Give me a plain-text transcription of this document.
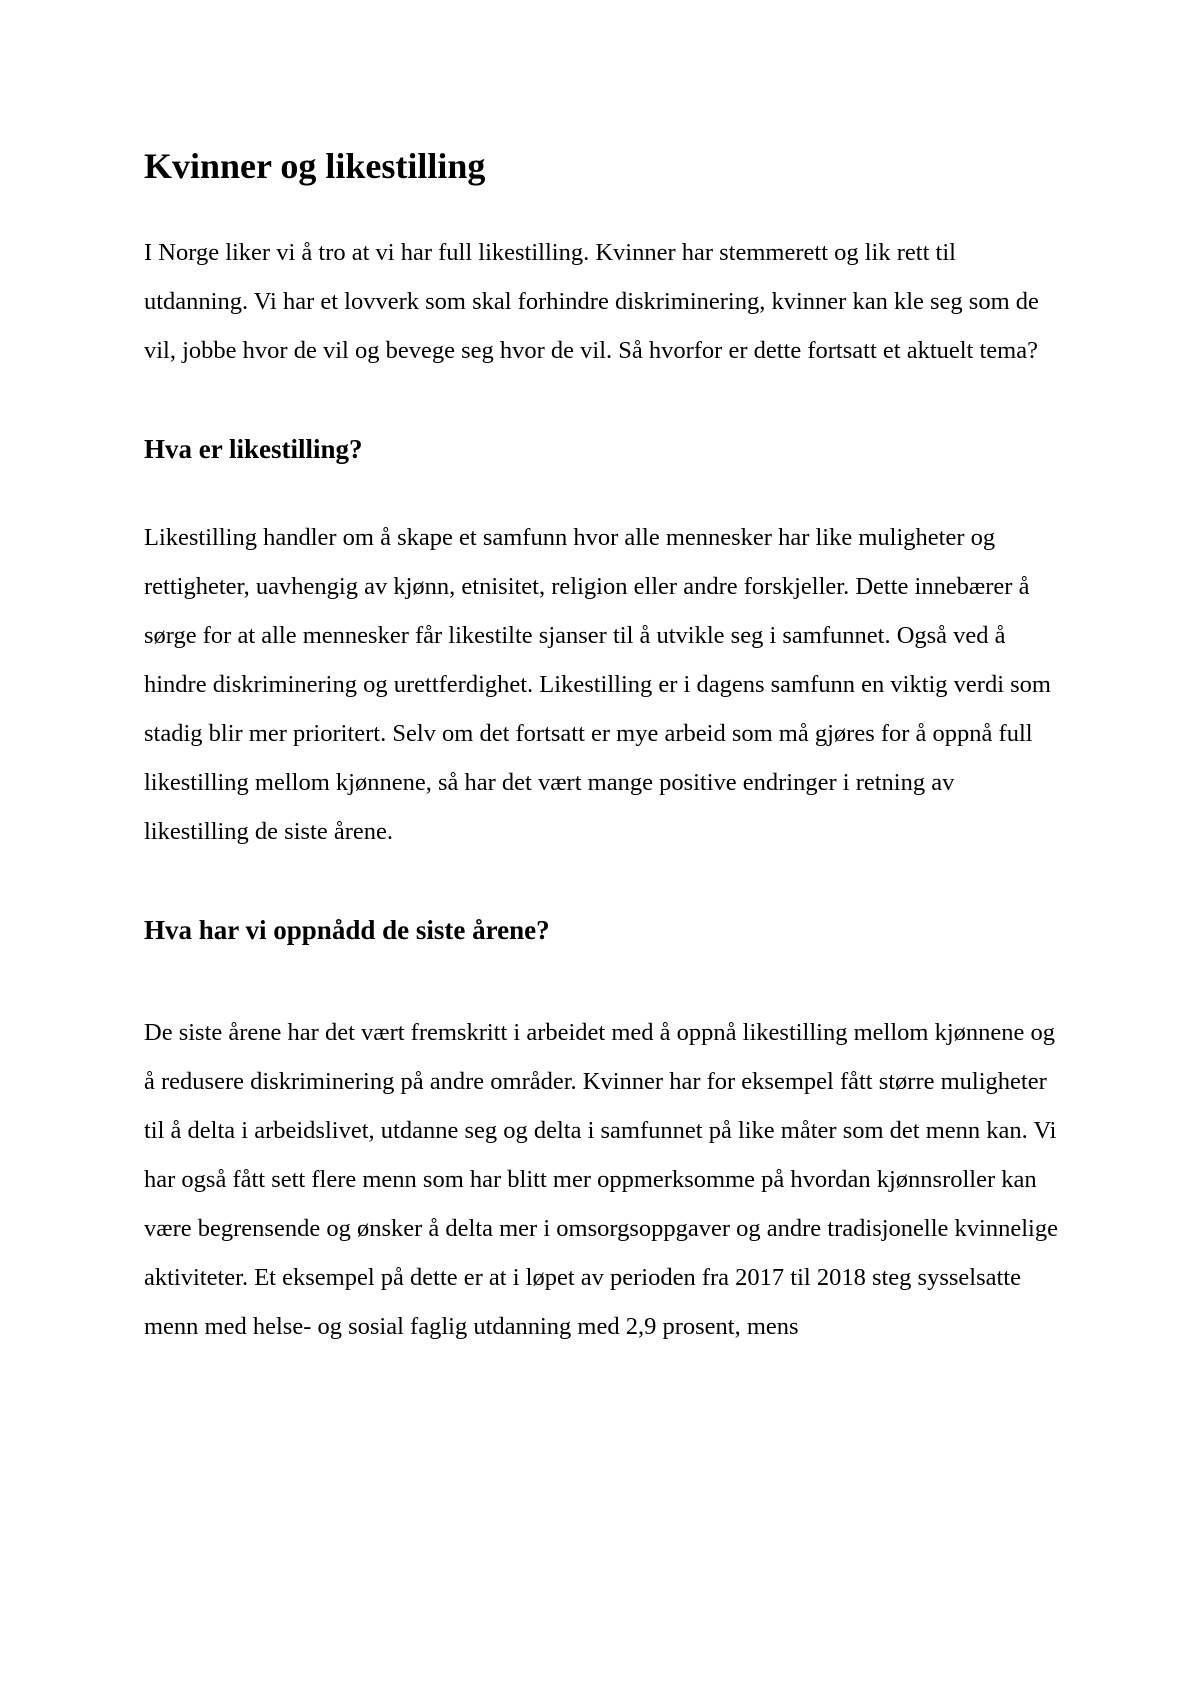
Kvinner og likestilling

I Norge liker vi å tro at vi har full likestilling. Kvinner har stemmerett og lik rett til utdanning. Vi har et lovverk som skal forhindre diskriminering, kvinner kan kle seg som de vil, jobbe hvor de vil og bevege seg hvor de vil. Så hvorfor er dette fortsatt et aktuelt tema?

Hva er likestilling?

Likestilling handler om å skape et samfunn hvor alle mennesker har like muligheter og rettigheter, uavhengig av kjønn, etnisitet, religion eller andre forskjeller. Dette innebærer å sørge for at alle mennesker får likestilte sjanser til å utvikle seg i samfunnet. Også ved å hindre diskriminering og urettferdighet. Likestilling er i dagens samfunn en viktig verdi som stadig blir mer prioritert. Selv om det fortsatt er mye arbeid som må gjøres for å oppnå full likestilling mellom kjønnene, så har det vært mange positive endringer i retning av likestilling de siste årene.

Hva har vi oppnådd de siste årene?

De siste årene har det vært fremskritt i arbeidet med å oppnå likestilling mellom kjønnene og å redusere diskriminering på andre områder. Kvinner har for eksempel fått større muligheter til å delta i arbeidslivet, utdanne seg og delta i samfunnet på like måter som det menn kan. Vi har også fått sett flere menn som har blitt mer oppmerksomme på hvordan kjønnsroller kan være begrensende og ønsker å delta mer i omsorgsoppgaver og andre tradisjonelle kvinnelige aktiviteter. Et eksempel på dette er at i løpet av perioden fra 2017 til 2018 steg sysselsatte menn med helse- og sosial faglig utdanning med 2,9 prosent, mens
